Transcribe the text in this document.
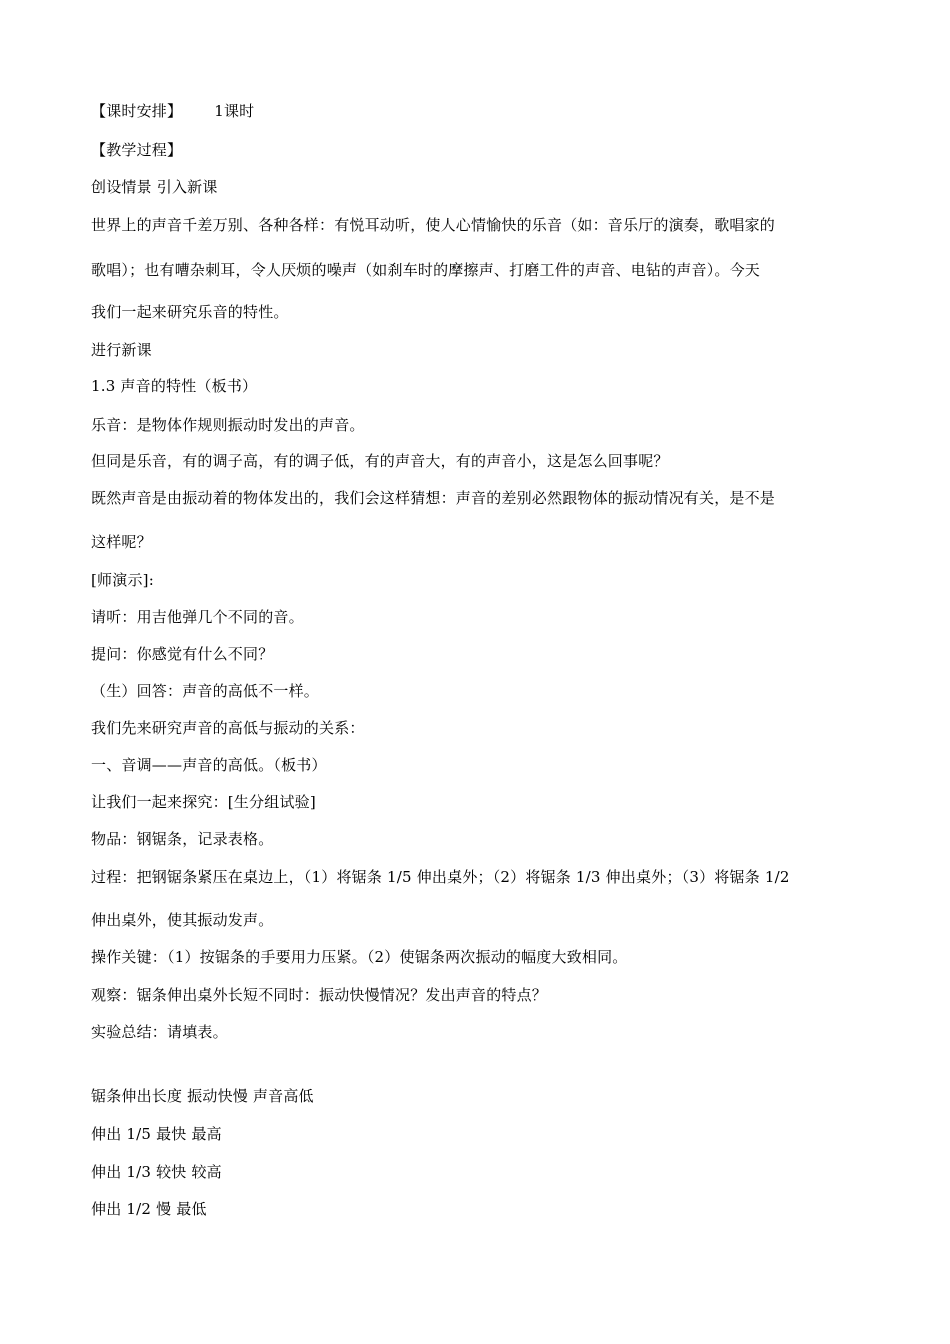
【课时安排】 1课时

【教学过程】

创设情景 引入新课

世界上的声音千差万别、各种各样：有悦耳动听，使人心情愉快的乐音（如：音乐厅的演奏，歌唱家的

歌唱）；也有嘈杂刺耳，令人厌烦的噪声（如刹车时的摩擦声、打磨工件的声音、电钻的声音）。今天

我们一起来研究乐音的特性。

进行新课

1.3 声音的特性（板书）

乐音：是物体作规则振动时发出的声音。

但同是乐音，有的调子高，有的调子低，有的声音大，有的声音小，这是怎么回事呢？

既然声音是由振动着的物体发出的，我们会这样猜想：声音的差别必然跟物体的振动情况有关，是不是

这样呢？

[师演示]:

请听：用吉他弹几个不同的音。

提问：你感觉有什么不同？

（生）回答：声音的高低不一样。

我们先来研究声音的高低与振动的关系：

一、音调——声音的高低。（板书）

让我们一起来探究：[生分组试验]

物品：钢锯条，记录表格。

过程：把钢锯条紧压在桌边上，（1）将锯条 1/5 伸出桌外；（2）将锯条 1/3 伸出桌外；（3）将锯条 1/2

伸出桌外，使其振动发声。

操作关键：（1）按锯条的手要用力压紧。（2）使锯条两次振动的幅度大致相同。

观察：锯条伸出桌外长短不同时：振动快慢情况？发出声音的特点？

实验总结：请填表。

锯条伸出长度 振动快慢 声音高低

伸出 1/5 最快 最高

伸出 1/3 较快 较高

伸出 1/2 慢 最低
